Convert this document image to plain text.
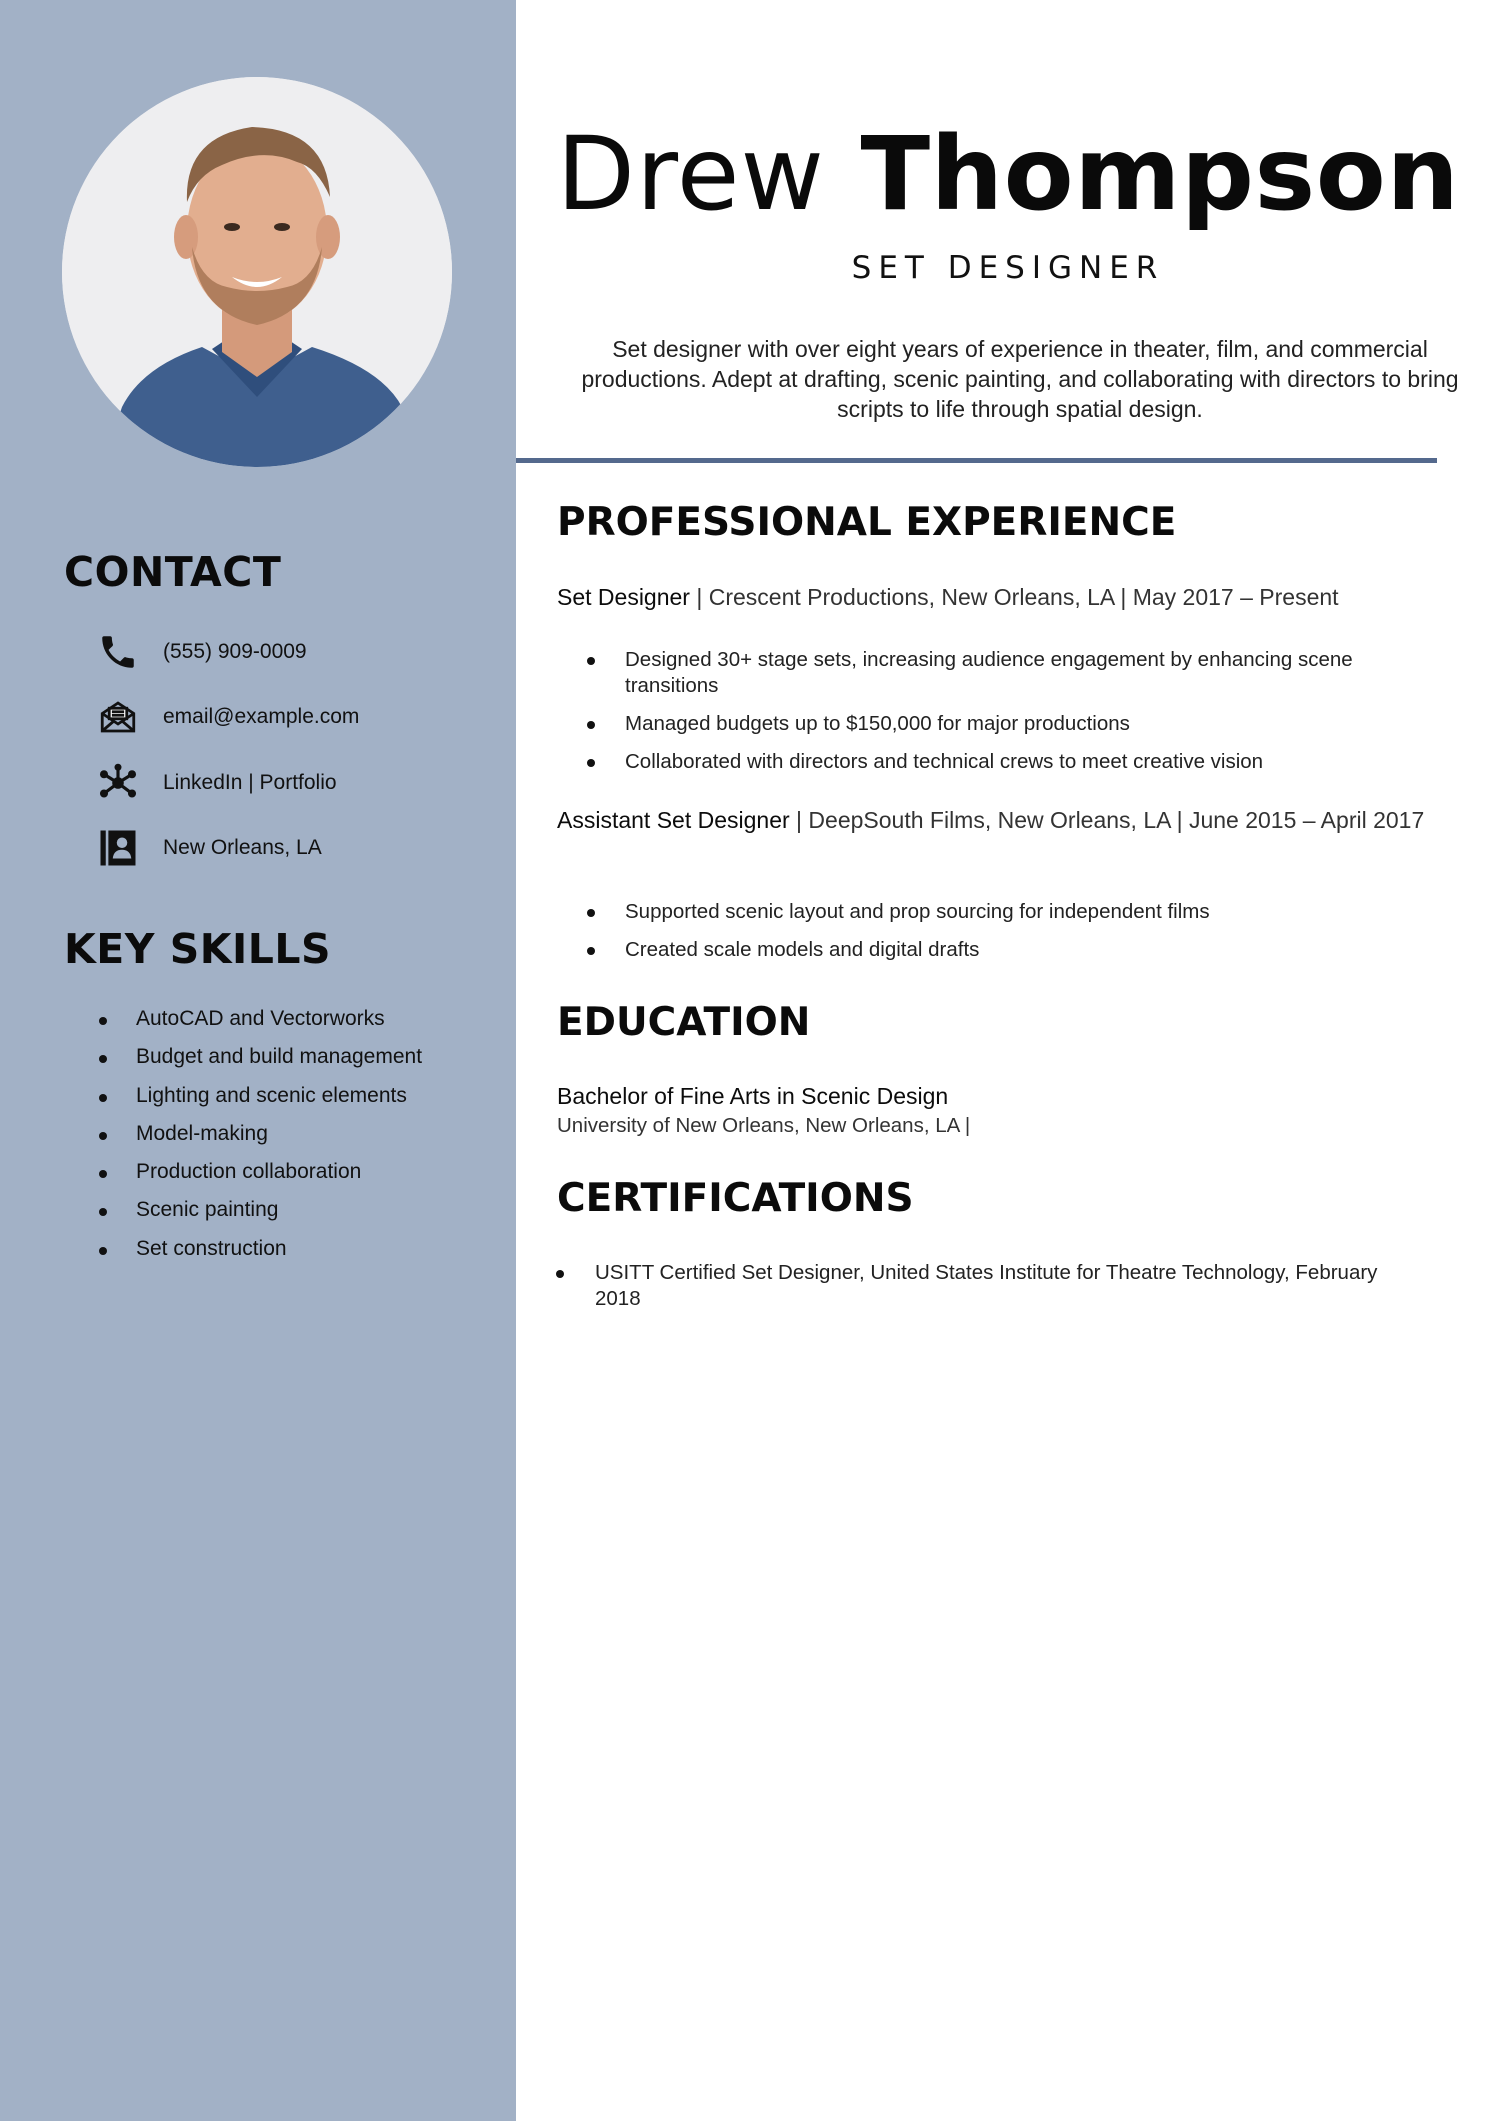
CONTACT
(555) 909-0009
email@example.com
LinkedIn | Portfolio
New Orleans, LA
KEY SKILLS
AutoCAD and Vectorworks
Budget and build management
Lighting and scenic elements
Model-making
Production collaboration
Scenic painting
Set construction
Drew Thompson
SET DESIGNER

Set designer with over eight years of experience in theater, film, and commercial productions. Adept at drafting, scenic painting, and collaborating with directors to bring scripts to life through spatial design.

PROFESSIONAL EXPERIENCE

Set Designer | Crescent Productions, New Orleans, LA | May 2017 – Present

Designed 30+ stage sets, increasing audience engagement by enhancing scene transitions
Managed budgets up to $150,000 for major productions
Collaborated with directors and technical crews to meet creative vision

Assistant Set Designer | DeepSouth Films, New Orleans, LA | June 2015 – April 2017

Supported scenic layout and prop sourcing for independent films
Created scale models and digital drafts
EDUCATION

Bachelor of Fine Arts in Scenic Design

University of New Orleans, New Orleans, LA |

CERTIFICATIONS
USITT Certified Set Designer, United States Institute for Theatre Technology, February 2018
